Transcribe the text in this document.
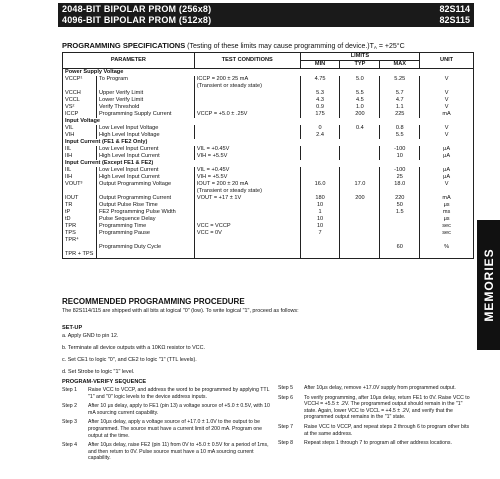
2048-BIT BIPOLAR PROM (256x8)
4096-BIT BIPOLAR PROM (512x8)
82S114
82S115
PROGRAMMING SPECIFICATIONS (Testing of these limits may cause programming of $device.)T_A = +25^\circ C$
PARAMETER		TEST CONDITIONS	LIMITS			UNIT
			MIN	TYP	MAX	
Power Supply Voltage						
VCCP¹	To Program	ICCP = 200 ± 25 mA	4.75	5.0	5.25	V
		(Transient or steady state)				
VCCH	Upper Verify Limit		5.3	5.5	5.7	V
VCCL	Lower Verify Limit		4.3	4.5	4.7	V
VS²	Verify Threshold		0.9	1.0	1.1	V
ICCP	Programming Supply Current	VCCP = +5.0 ± .25V	175	200	225	mA
Input Voltage						
VIL	Low Level Input Voltage		0	0.4	0.8	V
VIH	High Level Input Voltage		2.4		5.5	V
Input Current (FE1 & FE2 Only)						
IIL	Low Level Input Current	VIL = +0.45V			-100	μA
IIH	High Level Input Current	VIH = +5.5V			10	μA
Input Current (Except FE1 & FE2)						
IIL	Low Level Input Current	VIL = +0.45V			-100	μA
IIH	High Level Input Current	VIH = +5.5V			25	μA
VOUT³	Output Programming Voltage	IOUT = 200 ± 20 mA	16.0	17.0	18.0	V
		(Transient or steady state)				
IOUT	Output Programming Current	VOUT = +17 ± 1V	180	200	220	mA
TR	Output Pulse Rise Time		10		50	μs
tP	FE2 Programming Pulse Width		1		1.5	ms
tD	Pulse Sequence Delay		10			μs
TPR	Programming Time	VCC = VCCP	10			sec
TPS	Programming Pause	VCC = 0V	7			sec
TPR⁴						
	Programming Duty Cycle				60	%
TPR + TPS							MEMORIES
RECOMMENDED PROGRAMMING PROCEDURE
The 82S114/115 are shipped with all bits at logical "0" (low). To write logical "1", proceed as follows:
SET-UP
a. Apply GND to pin 12.
b. Terminate all device outputs with a 10KΩ resistor to VCC.
c. Set CE1 to logic "0", and CE2 to logic "1" (TTL levels).
d. Set Strobe to logic "1" level.
PROGRAM-VERIFY SEQUENCE
Step 1	Raise VCC to VCCP, and address the word to be programmed by applying TTL "1" and "0" logic levels to the device address inputs.
Step 2	After 10 μs delay, apply to FE1 (pin 13) a voltage source of +5.0 ± 0.5V, with 10 mA sourcing current capability.
Step 3	After 10μs delay, apply a voltage source of +17.0 ± 1.0V to the output to be programmed. The source must have a current limit of 200 mA. Program one output at the time.
Step 4	After 10μs delay, raise FE2 (pin 11) from 0V to +5.0 ± 0.5V for a period of 1ms, and then return to 0V. Pulse source must have a 10 mA sourcing current capability.
Step 5	After 10μs delay, remove +17.0V supply from programmed output.
Step 6	To verify programming, after 10μs delay, return FE1 to 0V. Raise VCC to VCCH = +5.5 ± .2V. The programmed output should remain in the "1" state. Again, lower VCC to VCCL = +4.5 ± .2V, and verify that the programmed output remains in the "1" state.
Step 7	Raise VCC to VCCP, and repeat steps 2 through 6 to program other bits at the same address.
Step 8	Repeat steps 1 through 7 to program all other address locations.
